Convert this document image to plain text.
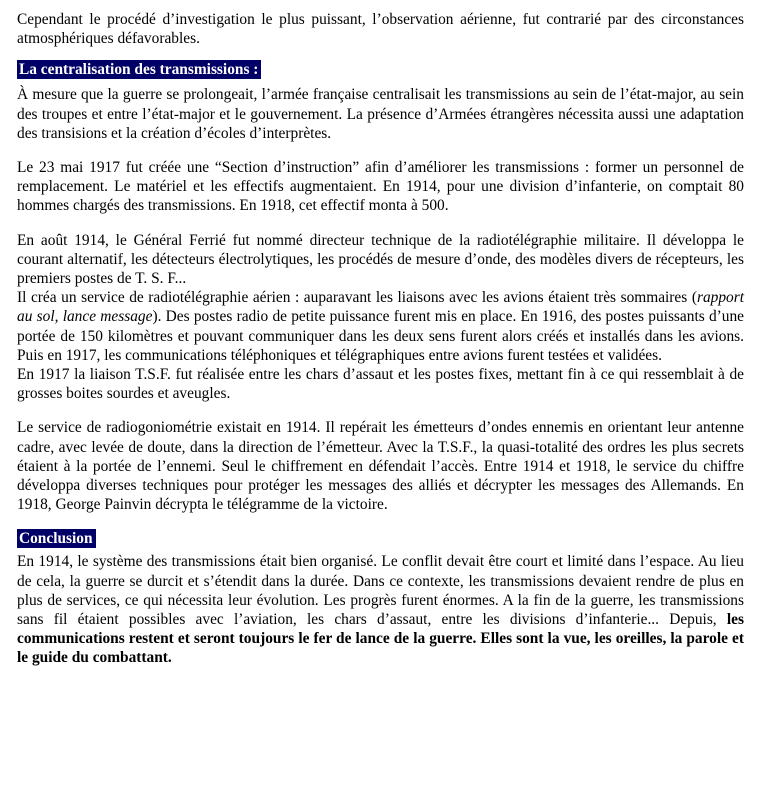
Cependant le procédé d’investigation le plus puissant, l’observation aérienne, fut contrarié par des circonstances atmosphériques défavorables.

La centralisation des transmissions :

À mesure que la guerre se prolongeait, l’armée française centralisait les transmissions au sein de l’état-major, au sein des troupes et entre l’état-major et le gouvernement. La présence d’Armées étrangères nécessita aussi une adaptation des transisions et la création d’écoles d’interprètes.

Le 23 mai 1917 fut créée une “Section d’instruction” afin d’améliorer les transmissions : former un personnel de remplacement. Le matériel et les effectifs augmentaient. En 1914, pour une division d’infanterie, on comptait 80 hommes chargés des transmissions. En 1918, cet effectif monta à 500.

En août 1914, le Général Ferrié fut nommé directeur technique de la radiotélégraphie militaire. Il développa le courant alternatif, les détecteurs électrolytiques, les procédés de mesure d’onde, des modèles divers de récepteurs, les premiers postes de T. S. F...

Il créa un service de radiotélégraphie aérien : auparavant les liaisons avec les avions étaient très sommaires (rapport au sol, lance message). Des postes radio de petite puissance furent mis en place. En 1916, des postes puissants d’une portée de 150 kilomètres et pouvant communiquer dans les deux sens furent alors créés et installés dans les avions. Puis en 1917, les communications téléphoniques et télégraphiques entre avions furent testées et validées.

En 1917 la liaison T.S.F. fut réalisée entre les chars d’assaut et les postes fixes, mettant fin à ce qui ressemblait à de grosses boites sourdes et aveugles.

Le service de radiogoniométrie existait en 1914. Il repérait les émetteurs d’ondes ennemis en orientant leur antenne cadre, avec levée de doute, dans la direction de l’émetteur. Avec la T.S.F., la quasi-totalité des ordres les plus secrets étaient à la portée de l’ennemi. Seul le chiffrement en défendait l’accès. Entre 1914 et 1918, le service du chiffre développa diverses techniques pour protéger les messages des alliés et décrypter les messages des Allemands. En 1918, George Painvin décrypta le télégramme de la victoire.

Conclusion

En 1914, le système des transmissions était bien organisé. Le conflit devait être court et limité dans l’espace. Au lieu de cela, la guerre se durcit et s’étendit dans la durée. Dans ce contexte, les transmissions devaient rendre de plus en plus de services, ce qui nécessita leur évolution. Les progrès furent énormes. A la fin de la guerre, les transmissions sans fil étaient possibles avec l’aviation, les chars d’assaut, entre les divisions d’infanterie... Depuis, les communications restent et seront toujours le fer de lance de la guerre. Elles sont la vue, les oreilles, la parole et le guide du combattant.
